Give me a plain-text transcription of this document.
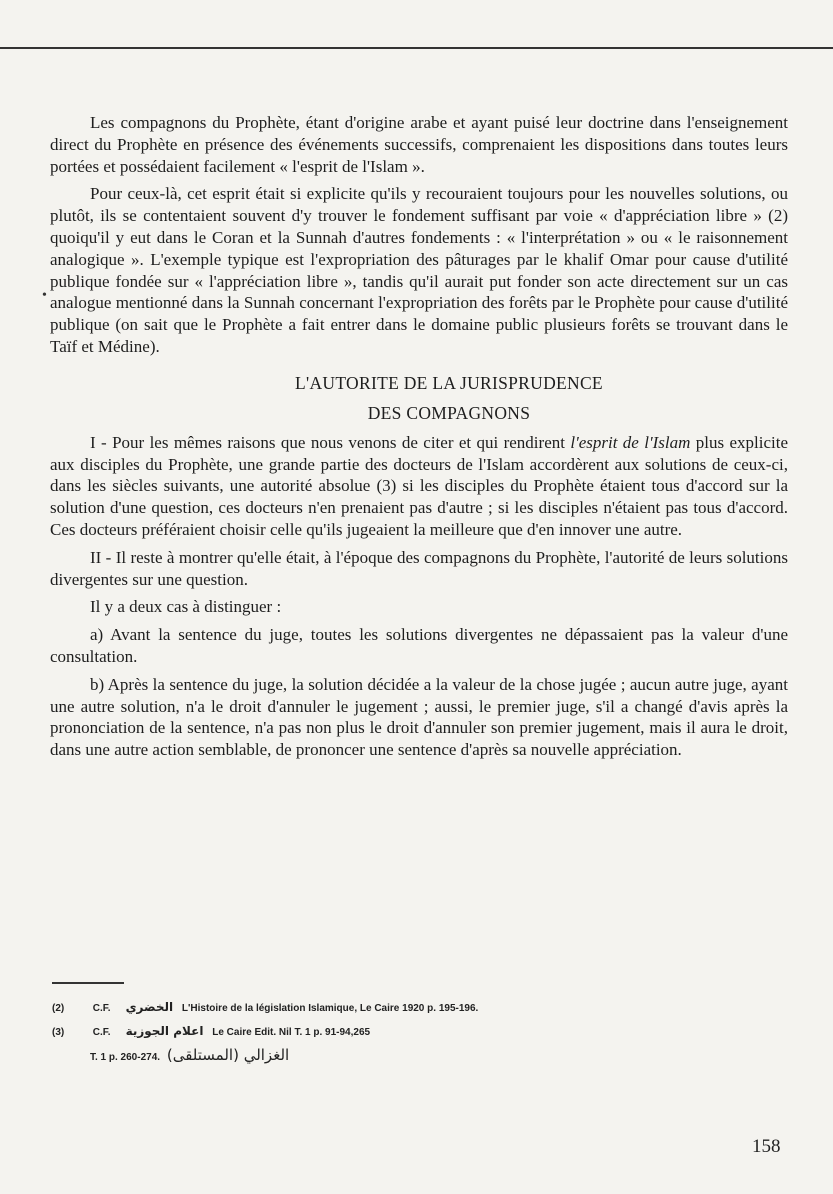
•

Les compagnons du Prophète, étant d'origine arabe et ayant puisé leur doctrine dans l'enseignement direct du Prophète en présence des événements successifs, comprenaient les dispositions dans toutes leurs portées et possédaient facilement « l'esprit de l'Islam ».

Pour ceux-là, cet esprit était si explicite qu'ils y recouraient toujours pour les nouvelles solutions, ou plutôt, ils se contentaient souvent d'y trouver le fondement suffisant par voie « d'appréciation libre » (2) quoiqu'il y eut dans le Coran et la Sunnah d'autres fondements : « l'interprétation » ou « le raisonnement analogique ». L'exemple typique est l'expropriation des pâturages par le khalif Omar pour cause d'utilité publique fondée sur « l'appréciation libre », tandis qu'il aurait put fonder son acte directement sur un cas analogue mentionné dans la Sunnah concernant l'expropriation des forêts par le Prophète pour cause d'utilité publique (on sait que le Prophète a fait entrer dans le domaine public plusieurs forêts se trouvant dans le Taïf et Médine).

L'AUTORITE DE LA JURISPRUDENCE
DES COMPAGNONS

I - Pour les mêmes raisons que nous venons de citer et qui rendirent l'esprit de l'Islam plus explicite aux disciples du Prophète, une grande partie des docteurs de l'Islam accordèrent aux solutions de ceux-ci, dans les siècles suivants, une autorité absolue (3) si les disciples du Prophète étaient tous d'accord sur la solution d'une question, ces docteurs n'en prenaient pas d'autre ; si les disciples n'étaient pas tous d'accord. Ces docteurs préféraient choisir celle qu'ils jugeaient la meilleure que d'en innover une autre.

II - Il reste à montrer qu'elle était, à l'époque des compagnons du Prophète, l'autorité de leurs solutions divergentes sur une question.

Il y a deux cas à distinguer :

a) Avant la sentence du juge, toutes les solutions divergentes ne dépassaient pas la valeur d'une consultation.

b) Après la sentence du juge, la solution décidée a la valeur de la chose jugée ; aucun autre juge, ayant une autre solution, n'a le droit d'annuler le jugement ; aussi, le premier juge, s'il a changé d'avis après la prononciation de la sentence, n'a pas non plus le droit d'annuler son premier jugement, mais il aura le droit, dans une autre action semblable, de prononcer une sentence d'après sa nouvelle appréciation.

(2)	C.F. الخضري L'Histoire de la législation Islamique, Le Caire 1920 p. 195-196.
(3)	C.F. اعلام الجوزية Le Caire Edit. Nil T. 1 p. 91-94,265
T. 1 p. 260-274. (المستلقى) الغزالي
158
